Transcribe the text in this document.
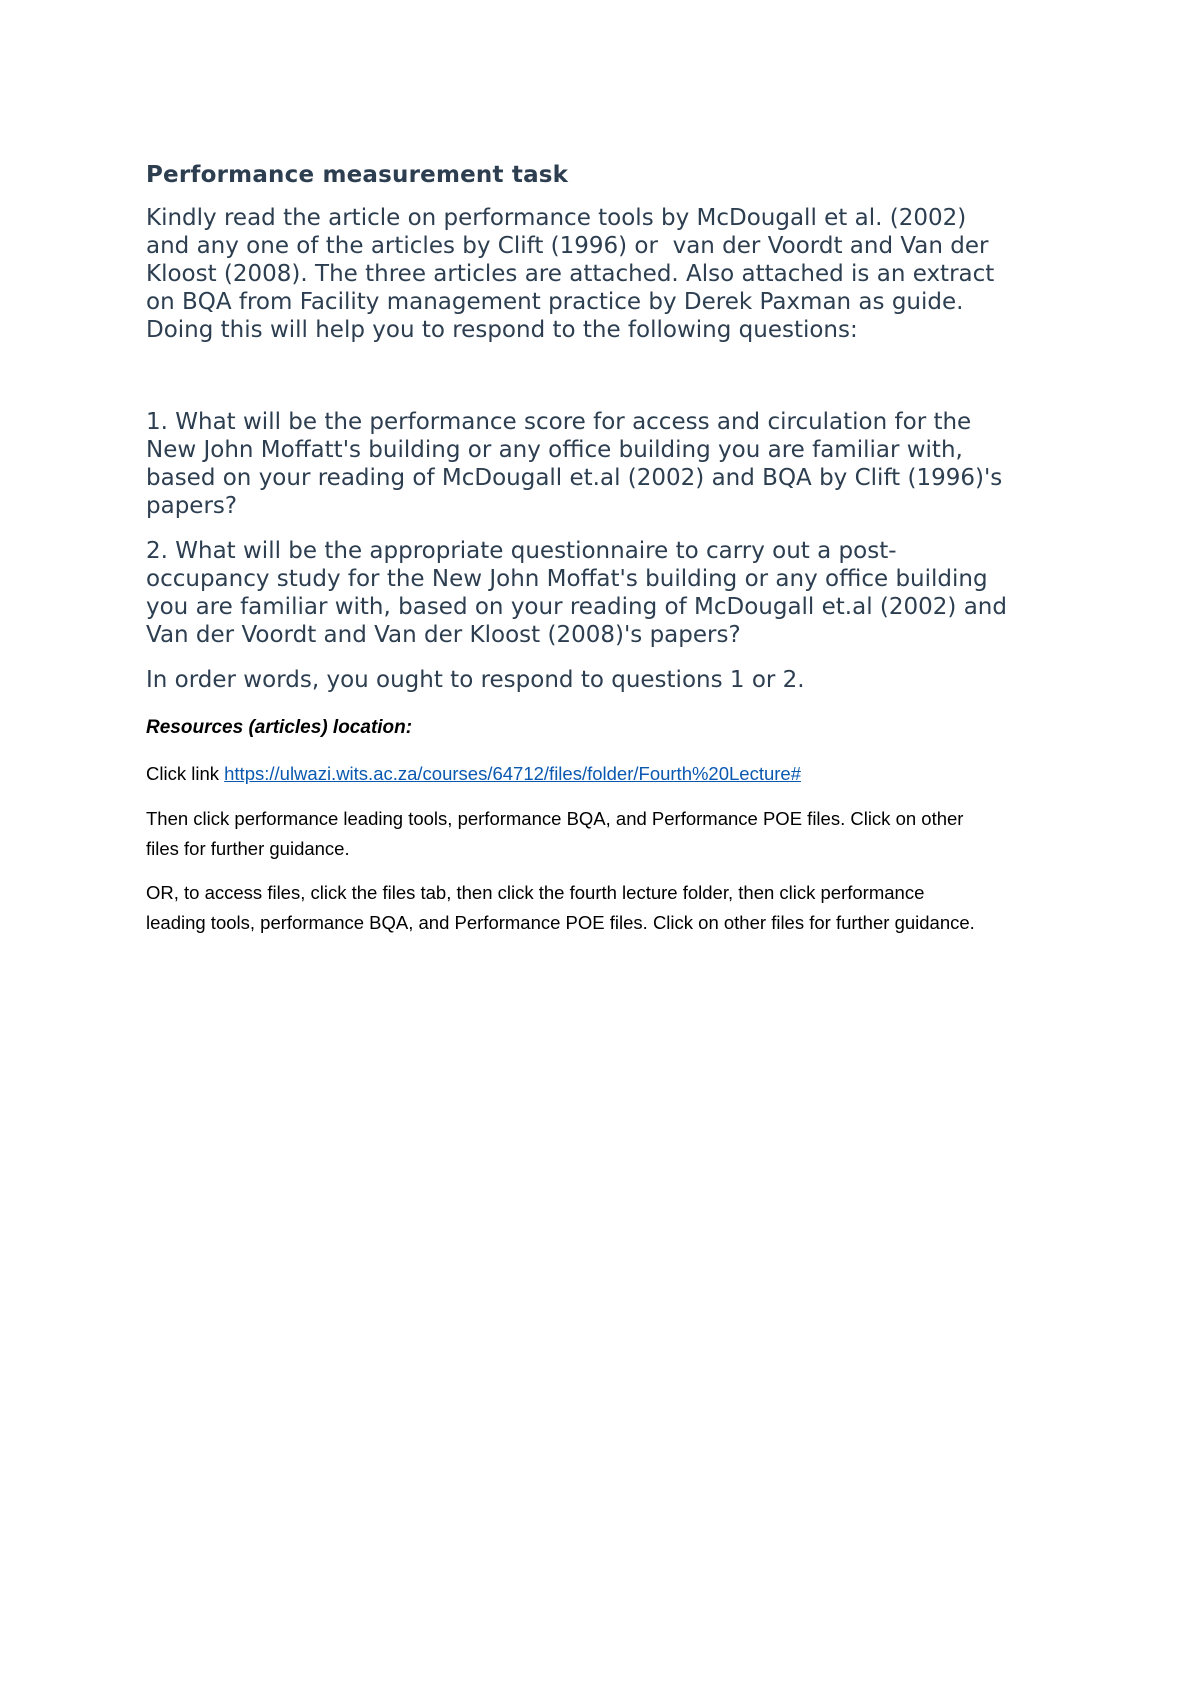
Performance measurement task

Kindly read the article on performance tools by McDougall et al. (2002)
and any one of the articles by Clift (1996) or  van der Voordt and Van der
Kloost (2008). The three articles are attached. Also attached is an extract
on BQA from Facility management practice by Derek Paxman as guide.
Doing this will help you to respond to the following questions:

1. What will be the performance score for access and circulation for the
New John Moffatt's building or any office building you are familiar with,
based on your reading of McDougall et.al (2002) and BQA by Clift (1996)'s
papers?

2. What will be the appropriate questionnaire to carry out a post-
occupancy study for the New John Moffat's building or any office building
you are familiar with, based on your reading of McDougall et.al (2002) and
Van der Voordt and Van der Kloost (2008)'s papers?

In order words, you ought to respond to questions 1 or 2.

Resources (articles) location:

Click link https://ulwazi.wits.ac.za/courses/64712/files/folder/Fourth%20Lecture#

Then click performance leading tools, performance BQA, and Performance POE files. Click on other
files for further guidance.

OR, to access files, click the files tab, then click the fourth lecture folder, then click performance
leading tools, performance BQA, and Performance POE files. Click on other files for further guidance.
